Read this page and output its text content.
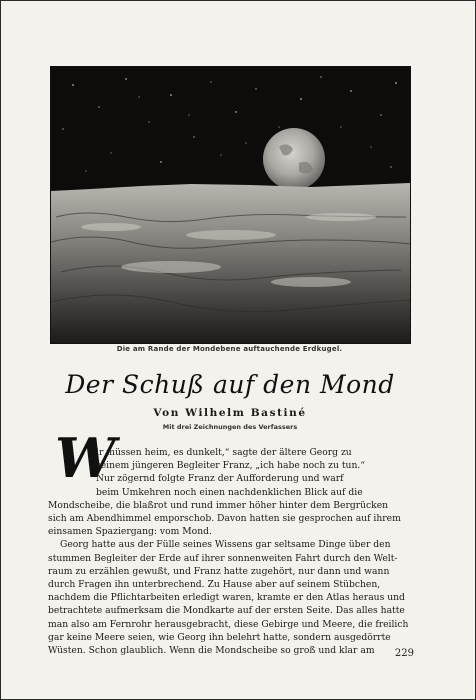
Die am Rande der Mondebene auftauchende Erdkugel.
Der Schuß auf den Mond
Von Wilhelm Bastiné
Mit drei Zeichnungen des Verfassers
W
ir müssen heim, es dunkelt,“ sagte der ältere Georg zu
seinem jüngeren Begleiter Franz, „ich habe noch zu tun.“
Nur zögernd folgte Franz der Aufforderung und warf
beim Umkehren noch einen nachdenklichen Blick auf die
Mondscheibe, die blaßrot und rund immer höher hinter dem Bergrücken
sich am Abendhimmel emporschob. Davon hatten sie gesprochen auf ihrem
einsamen Spaziergang: vom Mond.
Georg hatte aus der Fülle seines Wissens gar seltsame Dinge über den
stummen Begleiter der Erde auf ihrer sonnenweiten Fahrt durch den Welt-
raum zu erzählen gewußt, und Franz hatte zugehört, nur dann und wann
durch Fragen ihn unterbrechend. Zu Hause aber auf seinem Stübchen,
nachdem die Pflichtarbeiten erledigt waren, kramte er den Atlas heraus und
betrachtete aufmerksam die Mondkarte auf der ersten Seite. Das alles hatte
man also am Fernrohr herausgebracht, diese Gebirge und Meere, die freilich
gar keine Meere seien, wie Georg ihn belehrt hatte, sondern ausgedörrte
Wüsten. Schon glaublich. Wenn die Mondscheibe so groß und klar am	229
